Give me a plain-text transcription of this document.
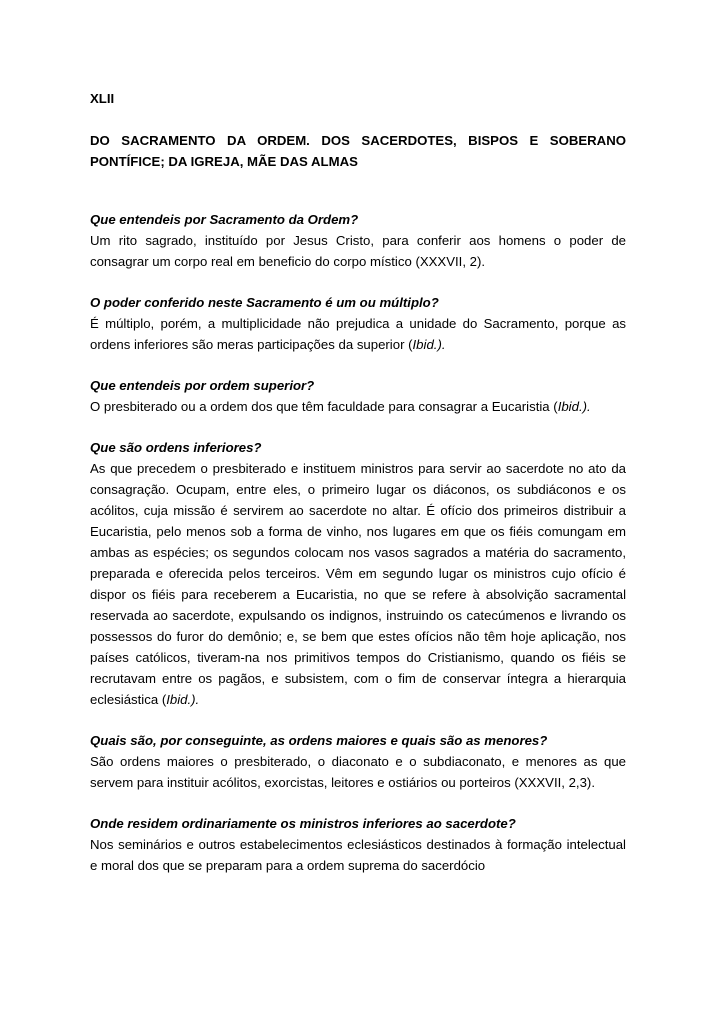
XLII

DO SACRAMENTO DA ORDEM. DOS SACERDOTES, BISPOS E SOBERANO PONTÍFICE; DA IGREJA, MÃE DAS ALMAS

Que entendeis por Sacramento da Ordem?

Um rito sagrado, instituído por Jesus Cristo, para conferir aos homens o poder de consagrar um corpo real em beneficio do corpo místico (XXXVII, 2).

O poder conferido neste Sacramento é um ou múltiplo?

É múltiplo, porém, a multiplicidade não prejudica a unidade do Sacramento, porque as ordens inferiores são meras participações da superior (Ibid.).

Que entendeis por ordem superior?

O presbiterado ou a ordem dos que têm faculdade para consagrar a Eucaristia (Ibid.).

Que são ordens inferiores?

As que precedem o presbiterado e instituem ministros para servir ao sacerdote no ato da consagração. Ocupam, entre eles, o primeiro lugar os diáconos, os subdiáconos e os acólitos, cuja missão é servirem ao sacerdote no altar. É ofício dos primeiros distribuir a Eucaristia, pelo menos sob a forma de vinho, nos lugares em que os fiéis comungam em ambas as espécies; os segundos colocam nos vasos sagrados a matéria do sacramento, preparada e oferecida pelos terceiros. Vêm em segundo lugar os ministros cujo ofício é dispor os fiéis para receberem a Eucaristia, no que se refere à absolvição sacramental reservada ao sacerdote, expulsando os indignos, instruindo os catecúmenos e livrando os possessos do furor do demônio; e, se bem que estes ofícios não têm hoje aplicação, nos países católicos, tiveram-na nos primitivos tempos do Cristianismo, quando os fiéis se recrutavam entre os pagãos, e subsistem, com o fim de conservar íntegra a hierarquia eclesiástica (Ibid.).

Quais são, por conseguinte, as ordens maiores e quais são as menores?

São ordens maiores o presbiterado, o diaconato e o subdiaconato, e menores as que servem para instituir acólitos, exorcistas, leitores e ostiários ou porteiros (XXXVII, 2,3).

Onde residem ordinariamente os ministros inferiores ao sacerdote?

Nos seminários e outros estabelecimentos eclesiásticos destinados à formação intelectual e moral dos que se preparam para a ordem suprema do sacerdócio
